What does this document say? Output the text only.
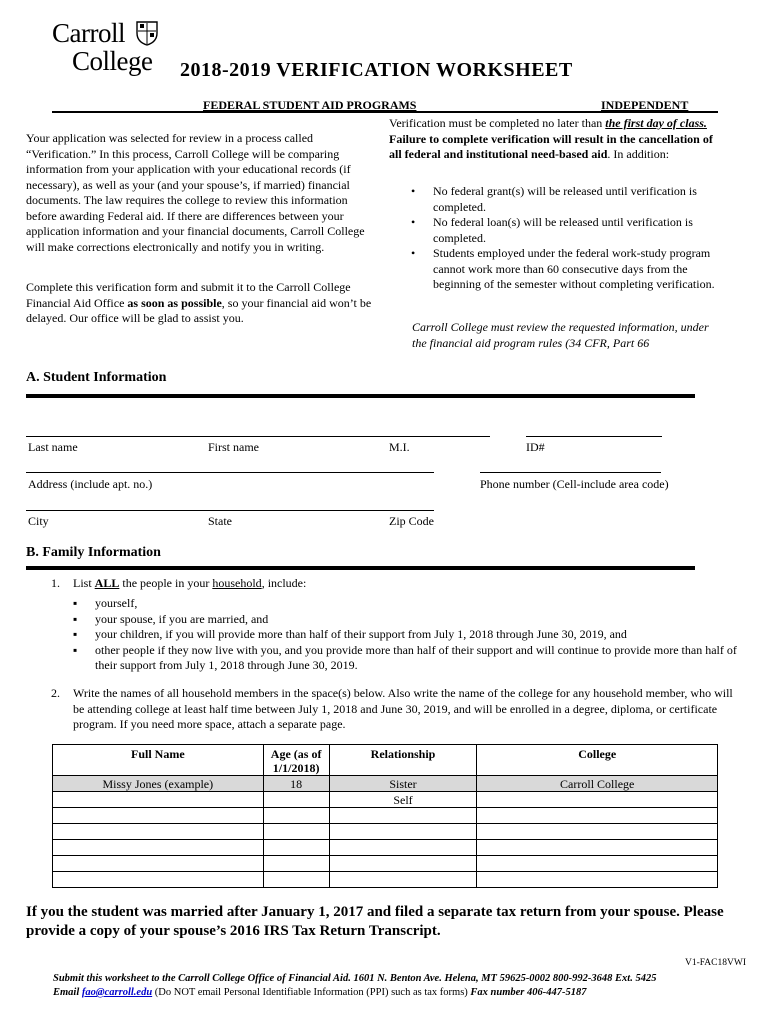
Carroll
College 2018-2019 VERIFICATION WORKSHEET
FEDERAL STUDENT AID PROGRAMS	INDEPENDENT
Your application was selected for review in a process called “Verification.” In this process, Carroll College will be comparing information from your application with your educational records (if necessary), as well as your (and your spouse’s, if married) financial documents. The law requires the college to review this information before awarding Federal aid. If there are differences between your application information and your financial documents, Carroll College will make corrections electronically and notify you in writing.
Complete this verification form and submit it to the Carroll College Financial Aid Office as soon as possible, so your financial aid won’t be delayed. Our office will be glad to assist you.
Verification must be completed no later than the first day of class. Failure to complete verification will result in the cancellation of all federal and institutional need-based aid. In addition:
• No federal grant(s) will be released until verification is completed.
• No federal loan(s) will be released until verification is completed.
• Students employed under the federal work-study program cannot work more than 60 consecutive days from the beginning of the semester without completing verification.
Carroll College must review the requested information, under the financial aid program rules (34 CFR, Part 66
A. Student Information
Last name	First name	M.I.	ID#
Address (include apt. no.)	Phone number (Cell-include area code)
City	State	Zip Code
B. Family Information
1. List ALL the people in your household, include:
▪ yourself,
▪ your spouse, if you are married, and
▪ your children, if you will provide more than half of their support from July 1, 2018 through June 30, 2019, and
▪ other people if they now live with you, and you provide more than half of their support and will continue to provide more than half of their support from July 1, 2018 through June 30, 2019.
2. Write the names of all household members in the space(s) below. Also write the name of the college for any household member, who will be attending college at least half time between July 1, 2018 and June 30, 2019, and will be enrolled in a degree, diploma, or certificate program. If you need more space, attach a separate page.
Full Name	Age (as of 1/1/2018)	Relationship	College
Missy Jones (example)	18	Sister	Carroll College
		Self	

If you the student was married after January 1, 2017 and filed a separate tax return from your spouse. Please provide a copy of your spouse’s 2016 IRS Tax Return Transcript.
V1-FAC18VWI
Submit this worksheet to the Carroll College Office of Financial Aid. 1601 N. Benton Ave. Helena, MT 59625-0002 800-992-3648 Ext. 5425
Email fao@carroll.edu (Do NOT email Personal Identifiable Information (PPI) such as tax forms) Fax number 406-447-5187
